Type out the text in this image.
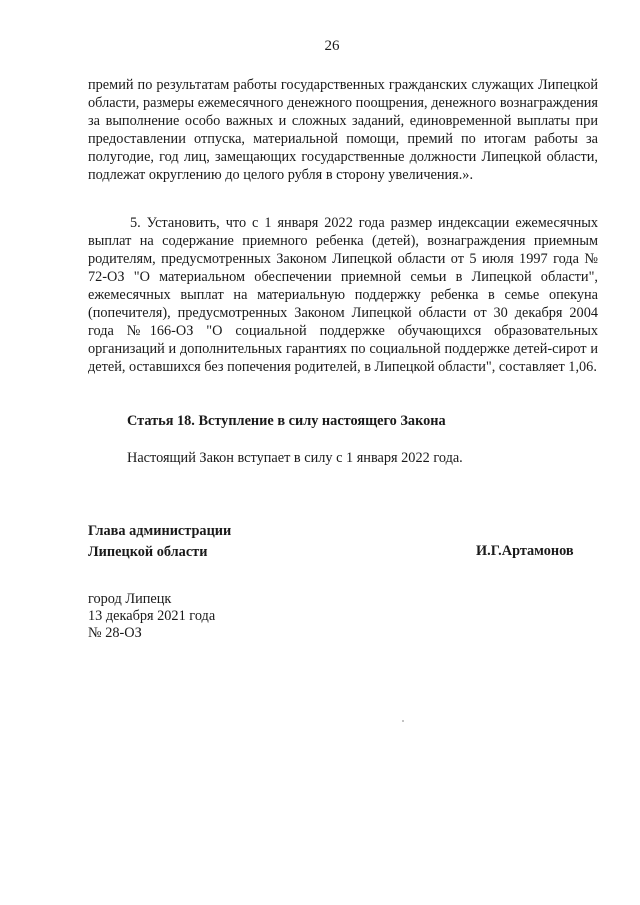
26
премий по результатам работы государственных гражданских служащих Липецкой области, размеры ежемесячного денежного поощрения, денежного вознаграждения за выполнение особо важных и сложных заданий, единовременной выплаты при предоставлении отпуска, материальной помощи, премий по итогам работы за полугодие, год лиц, замещающих государственные должности Липецкой области, подлежат округлению до целого рубля в сторону увеличения.».
5. Установить, что с 1 января 2022 года размер индексации ежемесячных выплат на содержание приемного ребенка (детей), вознаграждения приемным родителям, предусмотренных Законом Липецкой области от 5 июля 1997 года № 72-ОЗ "О материальном обеспечении приемной семьи в Липецкой области", ежемесячных выплат на материальную поддержку ребенка в семье опекуна (попечителя), предусмотренных Законом Липецкой области от 30 декабря 2004 года №166-ОЗ "О социальной поддержке обучающихся образовательных организаций и дополнительных гарантиях по социальной поддержке детей-сирот и детей, оставшихся без попечения родителей, в Липецкой области", составляет 1,06.
Статья 18. Вступление в силу настоящего Закона
Настоящий Закон вступает в силу с 1 января 2022 года.
Глава администрации
Липецкой области	И.Г.Артамонов
город Липецк
13 декабря 2021 года
№ 28-ОЗ
